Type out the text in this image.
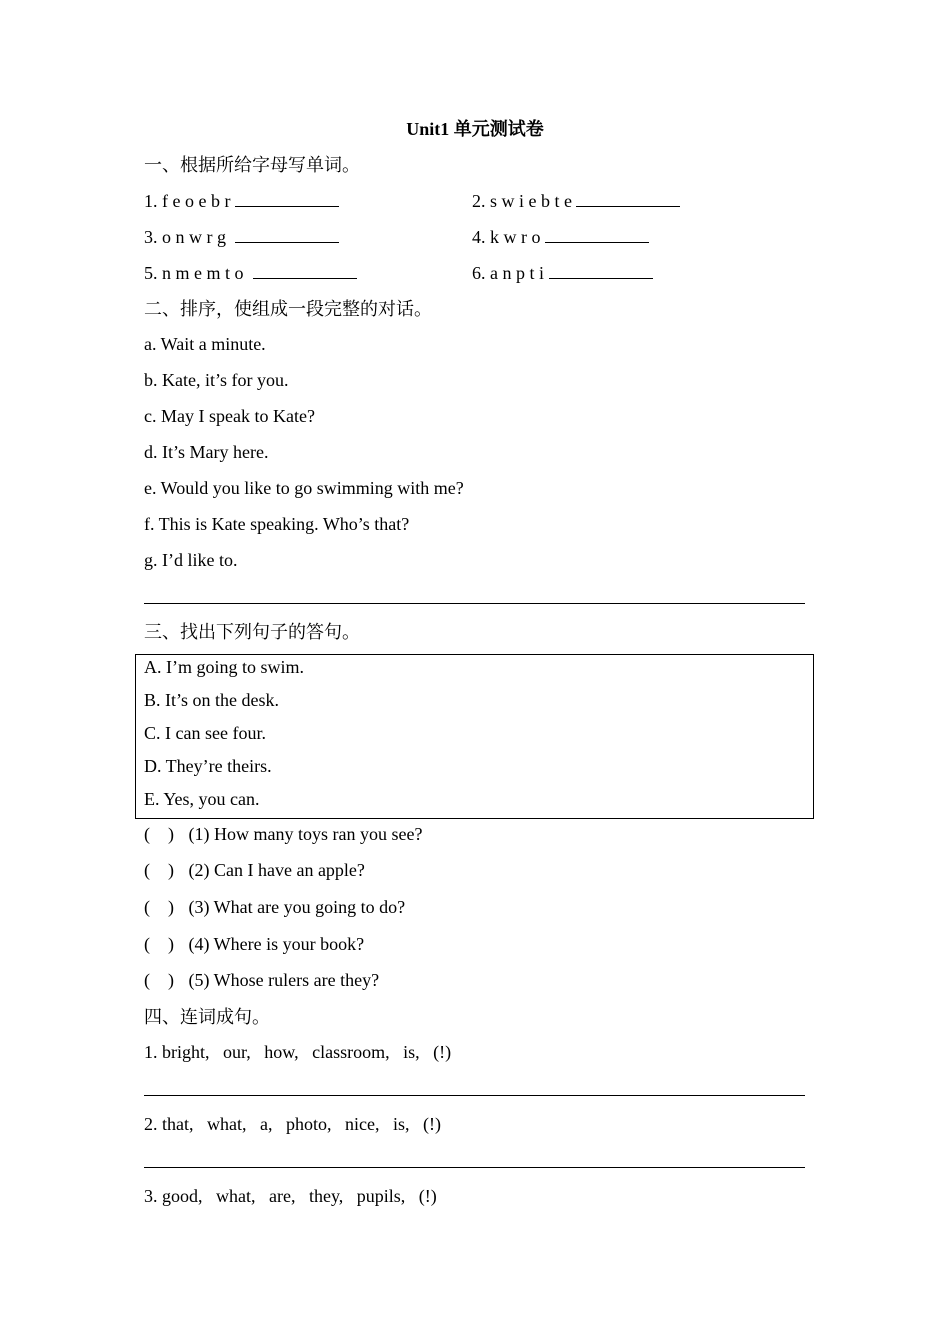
Unit1 单元测试卷
一、根据所给字母写单词。
1. f e o e b r	2. s w i e b t e
3. o n w r g	4. k w r o
5. n m e m t o	6. a n p t i
二、排序，使组成一段完整的对话。
a. Wait a minute.
b. Kate, it’s for you.
c. May I speak to Kate?
d. It’s Mary here.
e. Would you like to go swimming with me?
f. This is Kate speaking. Who’s that?
g. I’d like to.
三、找出下列句子的答句。
A. I’m going to swim.
B. It’s on the desk.
C. I can see four.
D. They’re theirs.
E. Yes, you can.
(    ) (1) How many toys ran you see?
(    ) (2) Can I have an apple?
(    ) (3) What are you going to do?
(    ) (4) Where is your book?
(    ) (5) Whose rulers are they?
四、连词成句。
1. bright,   our,   how,   classroom,   is,   (!)
2. that,   what,   a,   photo,   nice,   is,   (!)
3. good,   what,   are,   they,   pupils,   (!)
